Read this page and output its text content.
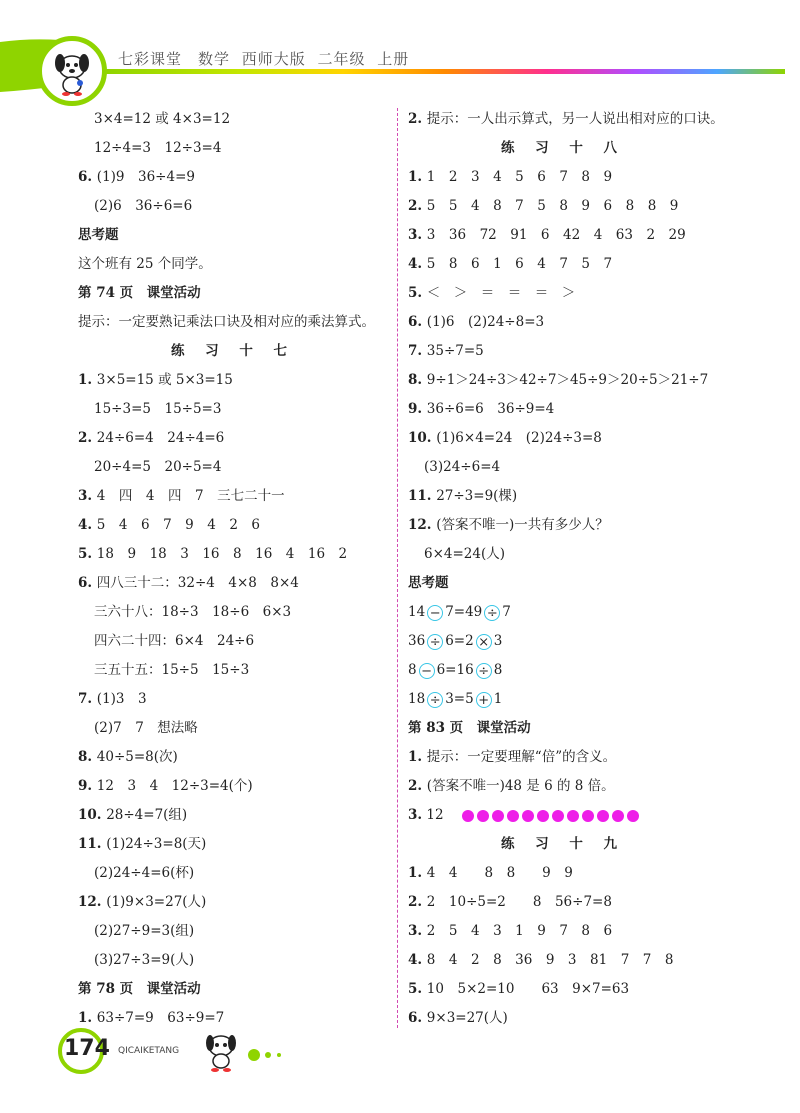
七彩课堂　数学 西师大版 二年级 上册
3×4=12 或 4×3=12
12÷4=3　12÷3=4
6. (1)9　36÷4=9
(2)6　36÷6=6
思考题
这个班有 25 个同学。
第 74 页　课堂活动
提示：一定要熟记乘法口诀及相对应的乘法算式。
练 习 十 七
1. 3×5=15 或 5×3=15
15÷3=5　15÷5=3
2. 24÷6=4　24÷4=6
20÷4=5　20÷5=4
3. 4　四　4　四　7　三七二十一
4. 5　4　6　7　9　4　2　6
5. 18　9　18　3　16　8　16　4　16　2
6. 四八三十二：32÷4　4×8　8×4
三六十八：18÷3　18÷6　6×3
四六二十四：6×4　24÷6
三五十五：15÷5　15÷3
7. (1)3　3
(2)7　7　想法略
8. 40÷5=8(次)
9. 12　3　4　12÷3=4(个)
10. 28÷4=7(组)
11. (1)24÷3=8(天)
(2)24÷4=6(杯)
12. (1)9×3=27(人)
(2)27÷9=3(组)
(3)27÷3=9(人)
第 78 页　课堂活动
1. 63÷7=9　63÷9=7
2. 提示：一人出示算式，另一人说出相对应的口诀。
练 习 十 八
1. 1　2　3　4　5　6　7　8　9
2. 5　5　4　8　7　5　8　9　6　8　8　9
3. 3　36　72　91　6　42　4　63　2　29
4. 5　8　6　1　6　4　7　5　7
5. ＜　＞　＝　＝　＝　＞
6. (1)6　(2)24÷8=3
7. 35÷7=5
8. 9÷1＞24÷3＞42÷7＞45÷9＞20÷5＞21÷7
9. 36÷6=6　36÷9=4
10. (1)6×4=24　(2)24÷3=8
(3)24÷6=4
11. 27÷3=9(棵)
12. (答案不唯一)一共有多少人？
6×4=24(人)
思考题
14 − 7=49 ÷ 7
36 ÷ 6=2 × 3
8 − 6=16 ÷ 8
18 ÷ 3=5 + 1
第 83 页　课堂活动
1. 提示：一定要理解“倍”的含义。
2. (答案不唯一)48 是 6 的 8 倍。
3. 12
练 习 十 九
1. 4　4　　8　8　　9　9
2. 2　10÷5=2　　8　56÷7=8
3. 2　5　4　3　1　9　7　8　6
4. 8　4　2　8　36　9　3　81　7　7　8
5. 10　5×2=10　　63　9×7=63
6. 9×3=27(人)
174 QICAIKETANG
